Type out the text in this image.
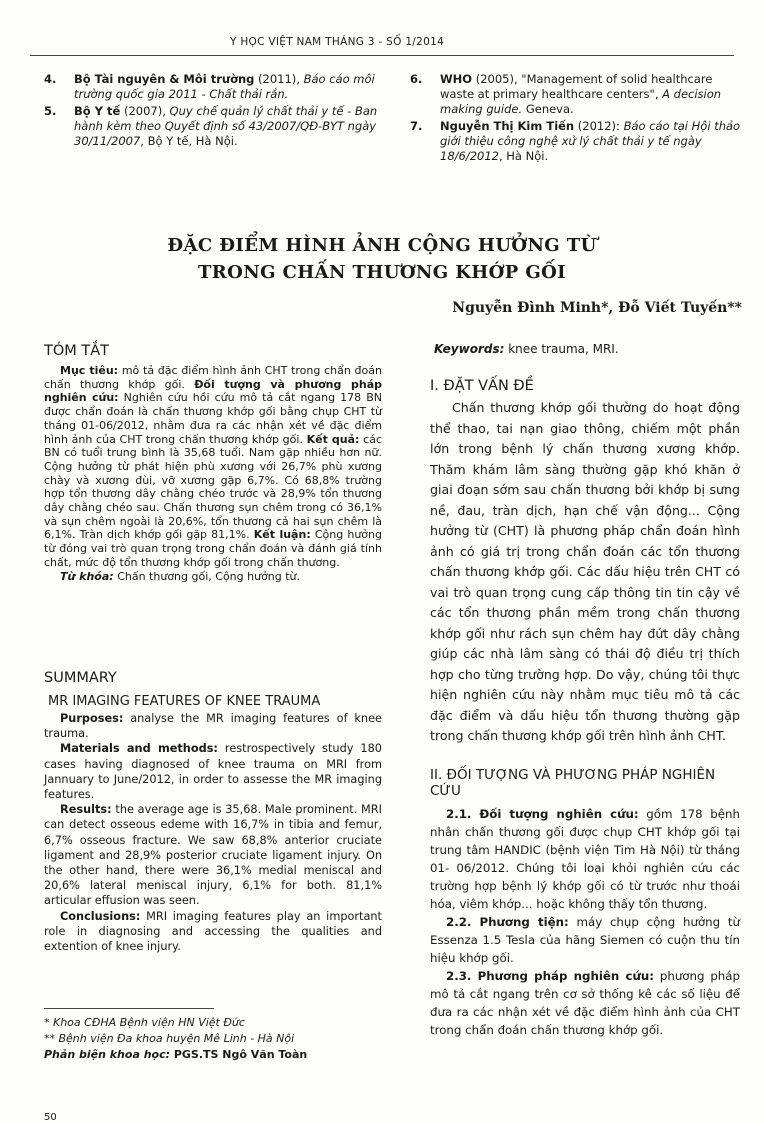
Y HỌC VIỆT NAM THÁNG 3 - SỐ 1/2014
4. Bộ Tài nguyên & Môi trường (2011), Báo cáo môi trường quốc gia 2011 - Chất thải rắn.
5. Bộ Y tế (2007), Quy chế quản lý chất thải y tế - Ban hành kèm theo Quyết định số 43/2007/QĐ-BYT ngày 30/11/2007, Bộ Y tế, Hà Nội.
6. WHO (2005), "Management of solid healthcare waste at primary healthcare centers", A decision making guide. Geneva.
7. Nguyễn Thị Kim Tiến (2012): Báo cáo tại Hội thảo giới thiệu công nghệ xử lý chất thải y tế ngày 18/6/2012, Hà Nội.
ĐẶC ĐIỂM HÌNH ẢNH CỘNG HƯỞNG TỪ
TRONG CHẤN THƯƠNG KHỚP GỐI
Nguyễn Đình Minh*, Đỗ Viết Tuyến**
TÓM TẮT

Mục tiêu: mô tả đặc điểm hình ảnh CHT trong chẩn đoán chấn thương khớp gối. Đối tượng và phương pháp nghiên cứu: Nghiên cứu hồi cứu mô tả cắt ngang 178 BN được chẩn đoán là chấn thương khớp gối bằng chụp CHT từ tháng 01-06/2012, nhằm đưa ra các nhận xét về đặc điểm hình ảnh của CHT trong chấn thương khớp gối. Kết quả: các BN có tuổi trung bình là 35,68 tuổi. Nam gặp nhiều hơn nữ. Cộng hưởng từ phát hiện phù xương với 26,7% phù xương chày và xương đùi, vỡ xương gặp 6,7%. Có 68,8% trường hợp tổn thương dây chằng chéo trước và 28,9% tổn thương dây chằng chéo sau. Chấn thương sụn chêm trong có 36,1% và sụn chêm ngoài là 20,6%, tổn thương cả hai sụn chêm là 6,1%. Tràn dịch khớp gối gặp 81,1%. Kết luận: Cộng hưởng từ đóng vai trò quan trọng trong chẩn đoán và đánh giá tính chất, mức độ tổn thương khớp gối trong chấn thương.

Từ khóa: Chấn thương gối, Cộng hưởng từ.

SUMMARY
MR IMAGING FEATURES OF KNEE TRAUMA

Purposes: analyse the MR imaging features of knee trauma.

Materials and methods: restrospectively study 180 cases having diagnosed of knee trauma on MRI from Jannuary to June/2012, in order to assesse the MR imaging features.

Results: the average age is 35,68. Male prominent. MRI can detect osseous edeme with 16,7% in tibia and femur, 6,7% osseous fracture. We saw 68,8% anterior cruciate ligament and 28,9% posterior cruciate ligament injury. On the other hand, there were 36,1% medial meniscal and 20,6% lateral meniscal injury, 6,1% for both. 81,1% articular effusion was seen.

Conclusions: MRI imaging features play an important role in diagnosing and accessing the qualities and extention of knee injury.

Keywords: knee trauma, MRI.
I. ĐẶT VẤN ĐỀ

Chấn thương khớp gối thường do hoạt động thể thao, tai nạn giao thông, chiếm một phần lớn trong bệnh lý chấn thương xương khớp. Thăm khám lâm sàng thường gặp khó khăn ở giai đoạn sớm sau chấn thương bởi khớp bị sưng nề, đau, tràn dịch, hạn chế vận động... Cộng hưởng từ (CHT) là phương pháp chẩn đoán hình ảnh có giá trị trong chẩn đoán các tổn thương chấn thương khớp gối. Các dấu hiệu trên CHT có vai trò quan trọng cung cấp thông tin tin cậy về các tổn thương phần mềm trong chấn thương khớp gối như rách sụn chêm hay đứt dây chằng giúp các nhà lâm sàng có thái độ điều trị thích hợp cho từng trường hợp. Do vậy, chúng tôi thực hiện nghiên cứu này nhằm mục tiêu mô tả các đặc điểm và dấu hiệu tổn thương thường gặp trong chấn thương khớp gối trên hình ảnh CHT.

II. ĐỐI TƯỢNG VÀ PHƯƠNG PHÁP NGHIÊN CỨU

2.1. Đối tượng nghiên cứu: gồm 178 bệnh nhân chấn thương gối được chụp CHT khớp gối tại trung tâm HANDIC (bệnh viện Tim Hà Nội) từ tháng 01- 06/2012. Chúng tôi loại khỏi nghiên cứu các trường hợp bệnh lý khớp gối có từ trước như thoái hóa, viêm khớp... hoặc không thấy tổn thương.

2.2. Phương tiện: máy chụp cộng hưởng từ Essenza 1.5 Tesla của hãng Siemen có cuộn thu tín hiệu khớp gối.

2.3. Phương pháp nghiên cứu: phương pháp mô tả cắt ngang trên cơ sở thống kê các số liệu để đưa ra các nhận xét về đặc điểm hình ảnh của CHT trong chẩn đoán chấn thương khớp gối.

* Khoa CĐHA Bệnh viện HN Việt Đức
** Bệnh viện Đa khoa huyện Mê Linh - Hà Nội
Phản biện khoa học: PGS.TS Ngô Văn Toàn
50
